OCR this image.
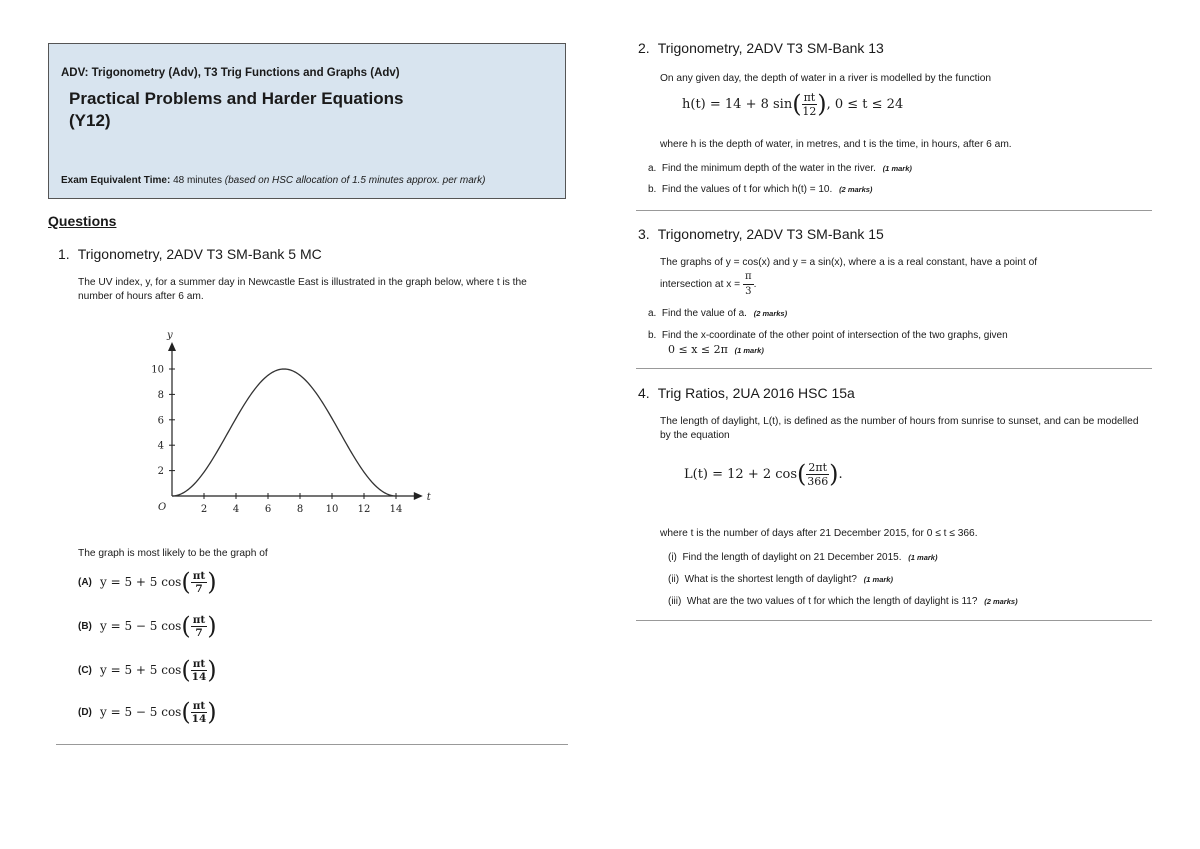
ADV: Trigonometry (Adv), T3 Trig Functions and Graphs (Adv)
Practical Problems and Harder Equations (Y12)
Exam Equivalent Time: 48 minutes (based on HSC allocation of 1.5 minutes approx. per mark)
Questions
1. Trigonometry, 2ADV T3 SM-Bank 5 MC
The UV index, y, for a summer day in Newcastle East is illustrated in the graph below, where t is the number of hours after 6 am.
t
y
O	2	4	6	8 10 12 14
2
4
6
8
10
The graph is most likely to be the graph of
(A) y = 5 + 5 cos ( $\frac{\pi t}{7}$ )
(B) y = 5 − 5 cos ( $\frac{\pi t}{7}$ )
(C) y = 5 + 5 cos ( $\frac{\pi t}{14}$ )
(D) y = 5 − 5 cos ( $\frac{\pi t}{14}$ )
2. Trigonometry, 2ADV T3 SM-Bank 13
On any given day, the depth of water in a river is modelled by the function
h(t) = 14 + 8 sin ( $\frac{\pi t}{12}$ ) , 0 ≤ t ≤ 24
where h is the depth of water, in metres, and t is the time, in hours, after 6 am.
a. Find the minimum depth of the water in the river. (1 mark)
b. Find the values of t for which h(t) = 10. (2 marks)
3. Trigonometry, 2ADV T3 SM-Bank 15
The graphs of y = cos(x) and y = a sin(x), where a is a real constant, have a point of
intersection at x =
$\frac{\pi}{3}$ .
a. Find the value of a. (2 marks)
b. Find the x-coordinate of the other point of intersection of the two graphs, given
0 ≤ x ≤ 2π (1 mark)
4. Trig Ratios, 2UA 2016 HSC 15a
The length of daylight, L(t), is defined as the number of hours from sunrise to sunset, and can be modelled by the equation
L(t) = 12 + 2 cos ( $\frac{2\pi t}{366}$ ) .
where t is the number of days after 21 December 2015, for 0 ≤ t ≤ 366.
(i) Find the length of daylight on 21 December 2015. (1 mark)
(ii) What is the shortest length of daylight? (1 mark)
(iii) What are the two values of t for which the length of daylight is 11? (2 marks)
